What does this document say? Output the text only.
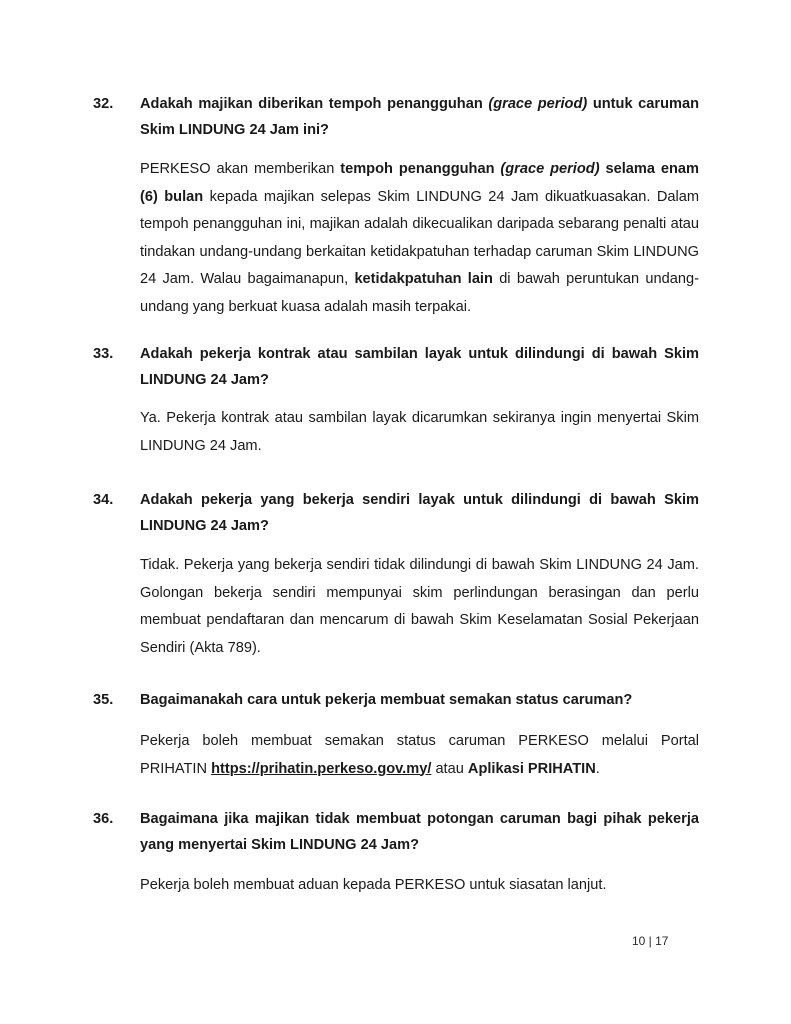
32.	Adakah majikan diberikan tempoh penangguhan (grace period) untuk caruman Skim LINDUNG 24 Jam ini?
PERKESO akan memberikan tempoh penangguhan (grace period) selama enam (6) bulan kepada majikan selepas Skim LINDUNG 24 Jam dikuatkuasakan. Dalam tempoh penangguhan ini, majikan adalah dikecualikan daripada sebarang penalti atau tindakan undang-undang berkaitan ketidakpatuhan terhadap caruman Skim LINDUNG 24 Jam. Walau bagaimanapun, ketidakpatuhan lain di bawah peruntukan undang-undang yang berkuat kuasa adalah masih terpakai.
33.	Adakah pekerja kontrak atau sambilan layak untuk dilindungi di bawah Skim LINDUNG 24 Jam?
Ya. Pekerja kontrak atau sambilan layak dicarumkan sekiranya ingin menyertai Skim LINDUNG 24 Jam.
34.	Adakah pekerja yang bekerja sendiri layak untuk dilindungi di bawah Skim LINDUNG 24 Jam?
Tidak. Pekerja yang bekerja sendiri tidak dilindungi di bawah Skim LINDUNG 24 Jam. Golongan bekerja sendiri mempunyai skim perlindungan berasingan dan perlu membuat pendaftaran dan mencarum di bawah Skim Keselamatan Sosial Pekerjaan Sendiri (Akta 789).
35.	Bagaimanakah cara untuk pekerja membuat semakan status caruman?
Pekerja boleh membuat semakan status caruman PERKESO melalui Portal PRIHATIN https://prihatin.perkeso.gov.my/ atau Aplikasi PRIHATIN.
36.	Bagaimana jika majikan tidak membuat potongan caruman bagi pihak pekerja yang menyertai Skim LINDUNG 24 Jam?
Pekerja boleh membuat aduan kepada PERKESO untuk siasatan lanjut.
10 | 17
